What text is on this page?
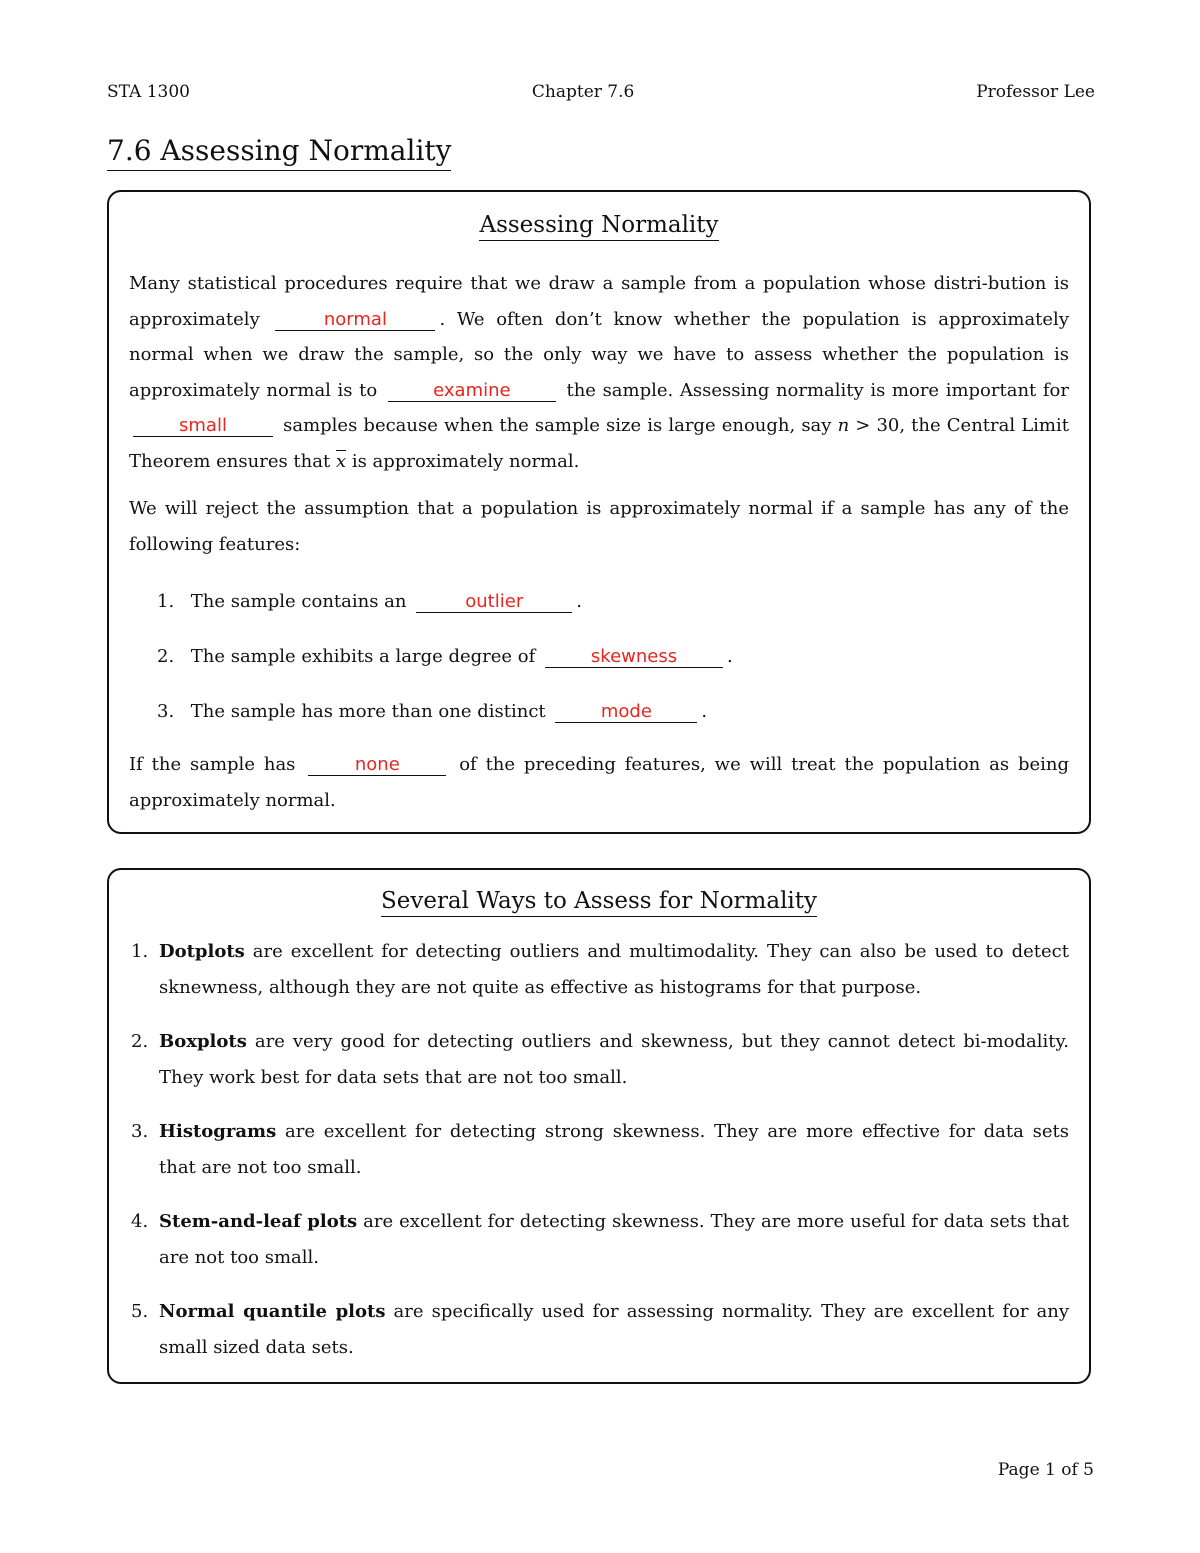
STA 1300	Chapter 7.6	Professor Lee
7.6 Assessing Normality
Assessing Normality
Many statistical procedures require that we draw a sample from a population whose distri-bution is approximately	normal	. We often don’t know whether the population is approximately normal when we draw the sample, so the only way we have to assess whether the population is approximately normal is to	examine	the sample. Assessing normality is more important for small	samples because when the sample size is large enough, say n > 30, the Central Limit Theorem ensures that $\overline{x}$ is approximately normal.
We will reject the assumption that a population is approximately normal if a sample has any of the following features:
1. The sample contains an	outlier	.
2. The sample exhibits a large degree of	skewness	.
3. The sample has more than one distinct	mode	.
If the sample has	none	of the preceding features, we will treat the population as being approximately normal.
Several Ways to Assess for Normality
1. Dotplots are excellent for detecting outliers and multimodality. They can also be used to detect sknewness, although they are not quite as effective as histograms for that purpose.
2. Boxplots are very good for detecting outliers and skewness, but they cannot detect bi-modality. They work best for data sets that are not too small.
3. Histograms are excellent for detecting strong skewness. They are more effective for data sets that are not too small.
4. Stem-and-leaf plots are excellent for detecting skewness. They are more useful for data sets that are not too small.
5. Normal quantile plots are specifically used for assessing normality. They are excellent for any small sized data sets.
Page 1 of 5
